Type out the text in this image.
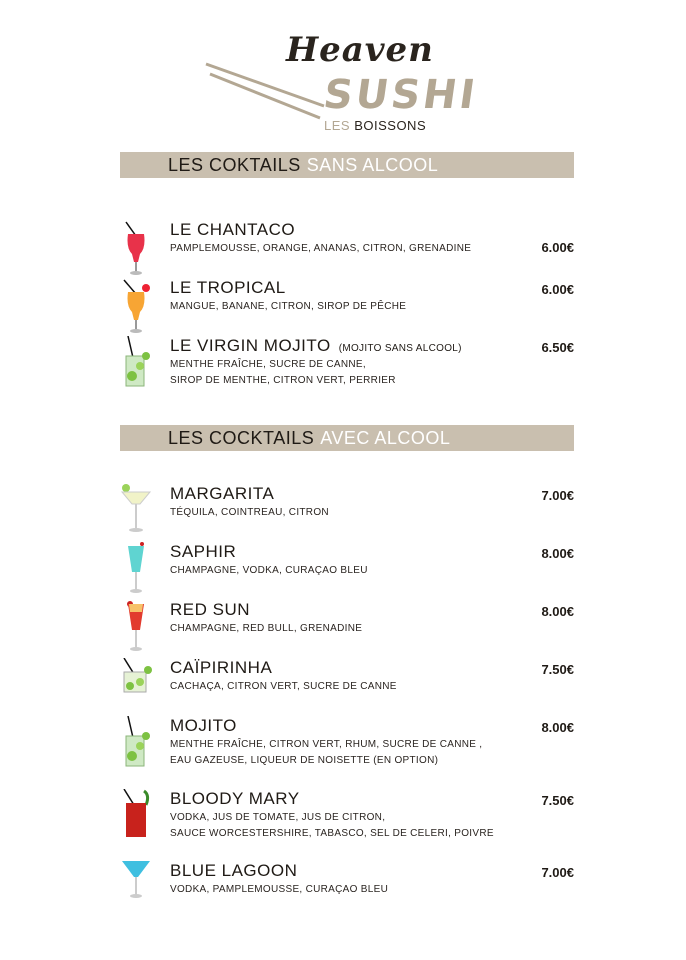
Heaven
SUSHI
LES BOISSONS
LES COKTAILS SANS ALCOOL
LES COCKTAILS AVEC ALCOOL
LE CHANTACO
PAMPLEMOUSSE, ORANGE, ANANAS, CITRON, GRENADINE	6.00€
LE TROPICAL
MANGUE, BANANE, CITRON, SIROP DE PÊCHE
6.00€
LE VIRGIN MOJITO (MOJITO SANS ALCOOL)
MENTHE FRAÎCHE, SUCRE DE CANNE,
SIROP DE MENTHE, CITRON VERT, PERRIER
6.50€
MARGARITA
TÉQUILA, COINTREAU, CITRON
7.00€
SAPHIR
CHAMPAGNE, VODKA, CURAÇAO BLEU
8.00€
RED SUN
CHAMPAGNE, RED BULL, GRENADINE
8.00€
CAÏPIRINHA
CACHAÇA, CITRON VERT, SUCRE DE CANNE
7.50€
MOJITO
MENTHE FRAÎCHE, CITRON VERT, RHUM, SUCRE DE CANNE ,
EAU GAZEUSE, LIQUEUR DE NOISETTE (EN OPTION)
8.00€
BLOODY MARY
VODKA, JUS DE TOMATE, JUS DE CITRON,
SAUCE WORCESTERSHIRE, TABASCO, SEL DE CELERI, POIVRE
7.50€
BLUE LAGOON
VODKA, PAMPLEMOUSSE, CURAÇAO BLEU
7.00€
